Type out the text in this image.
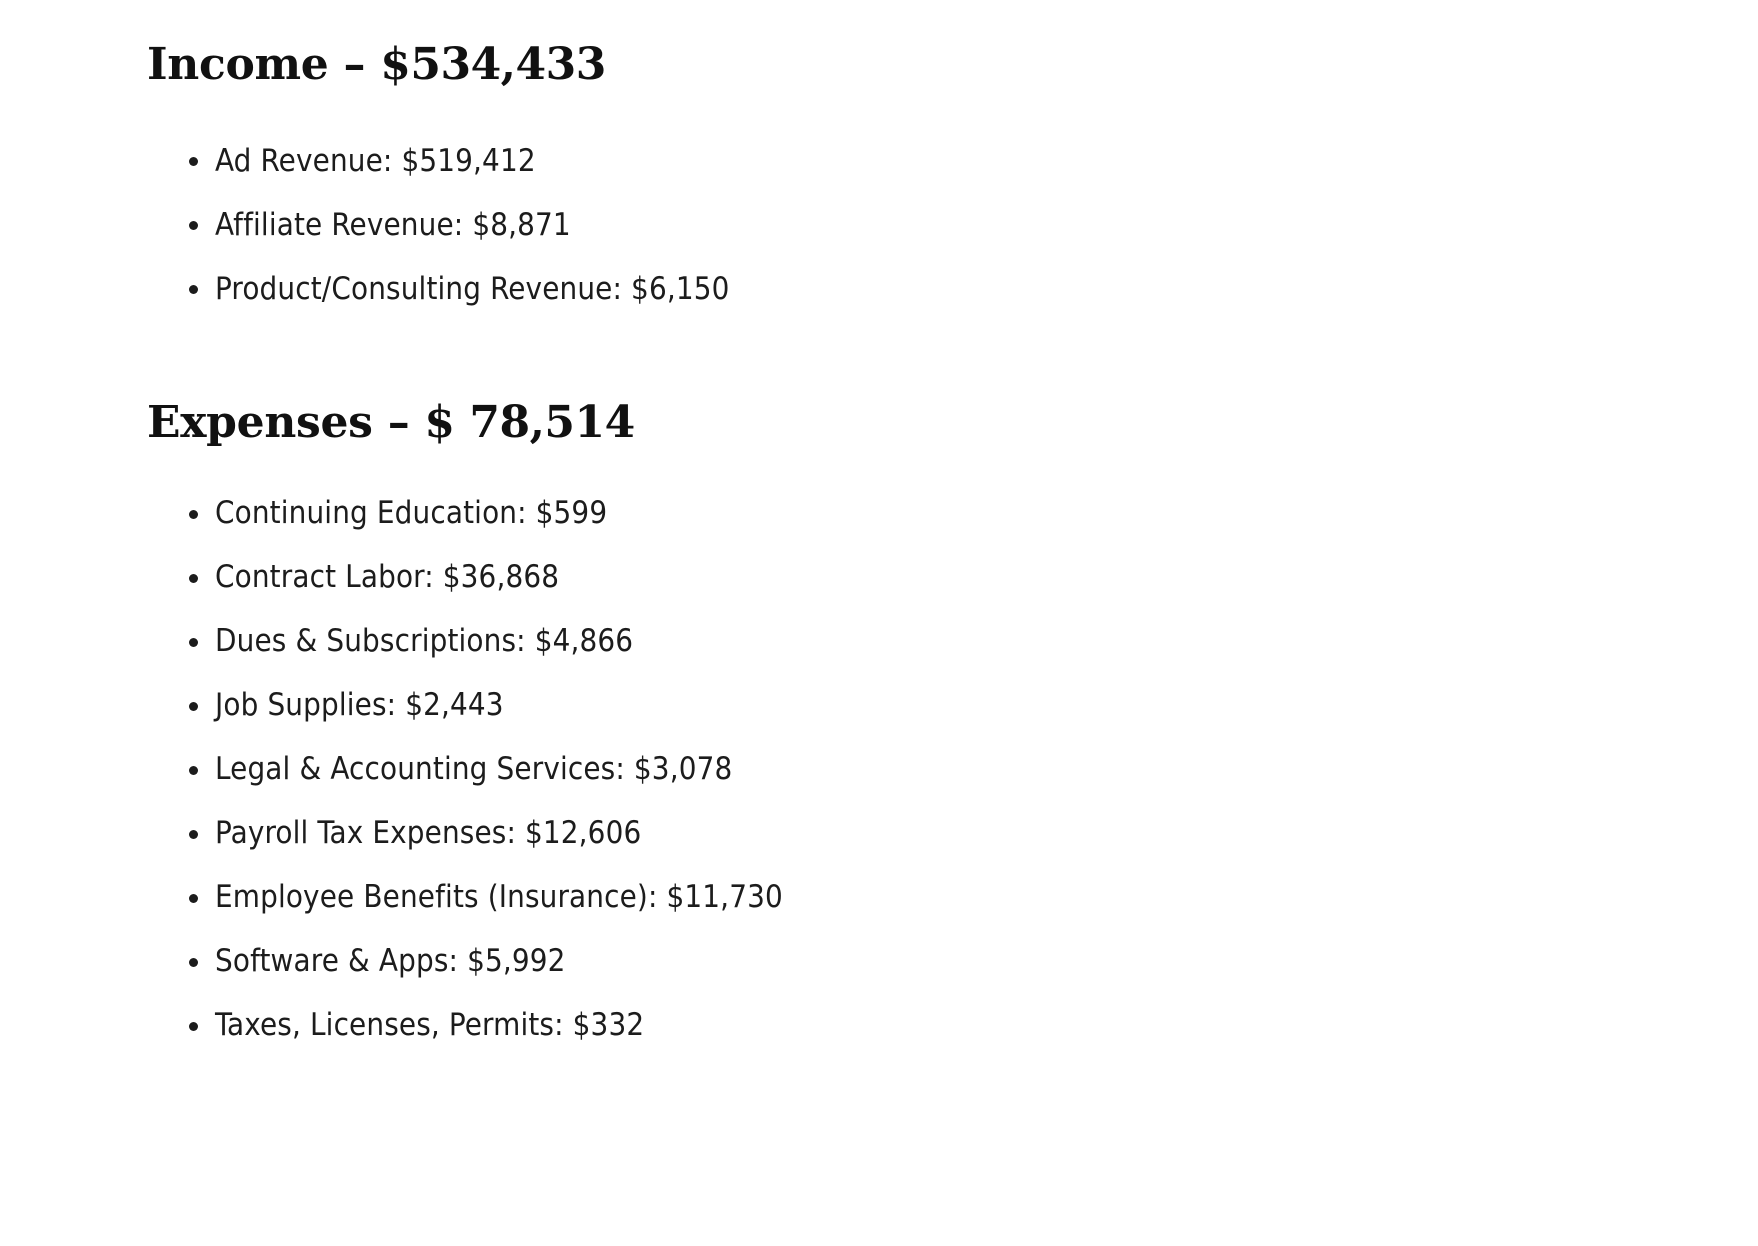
Income – $534,433
Ad Revenue: $519,412
Affiliate Revenue: $8,871
Product/Consulting Revenue: $6,150
Expenses – $ 78,514
Continuing Education: $599
Contract Labor: $36,868
Dues & Subscriptions: $4,866
Job Supplies: $2,443
Legal & Accounting Services: $3,078
Payroll Tax Expenses: $12,606
Employee Benefits (Insurance): $11,730
Software & Apps: $5,992
Taxes, Licenses, Permits: $332
